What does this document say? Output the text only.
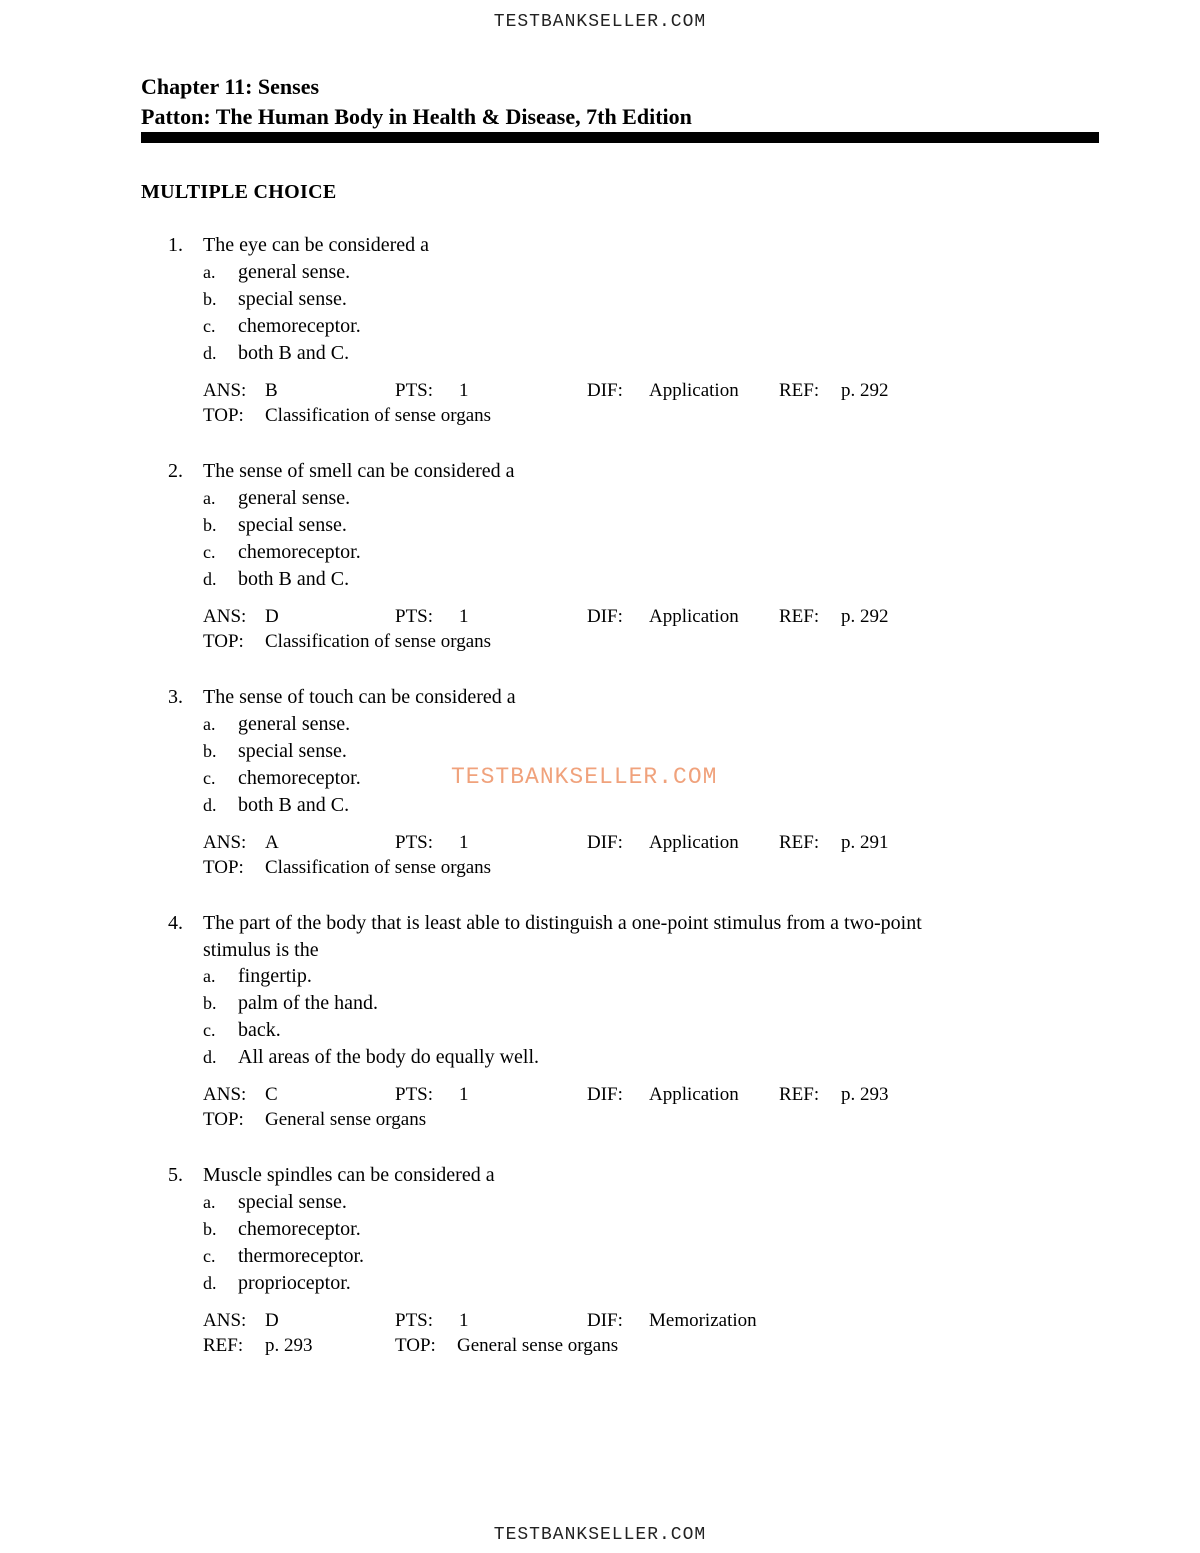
TESTBANKSELLER.COM
Chapter 11: Senses
Patton: The Human Body in Health & Disease, 7th Edition
MULTIPLE CHOICE
1. The eye can be considered a
a. general sense.
b. special sense.
c. chemoreceptor.
d. both B and C.
ANS: B	PTS: 1	DIF: Application REF: p. 292
TOP: Classification of sense organs
2. The sense of smell can be considered a
a. general sense.
b. special sense.
c. chemoreceptor.
d. both B and C.
ANS: D	PTS: 1	DIF: Application REF: p. 292
TOP: Classification of sense organs
3. The sense of touch can be considered a
a. general sense.
b. special sense.
c. chemoreceptor.
d. both B and C.
ANS: A	PTS: 1	DIF: Application REF: p. 291
TOP: Classification of sense organs
4. The part of the body that is least able to distinguish a one-point stimulus from a two-point
stimulus is the
a. fingertip.
b. palm of the hand.
c. back.
d. All areas of the body do equally well.
ANS: C	PTS: 1	DIF: Application REF: p. 293
TOP: General sense organs
5. Muscle spindles can be considered a
a. special sense.
b. chemoreceptor.
c. thermoreceptor.
d. proprioceptor.
ANS: D	PTS: 1	DIF: Memorization
REF: p. 293	TOP: General sense organs
TESTBANKSELLER.COM
TESTBANKSELLER.COM
